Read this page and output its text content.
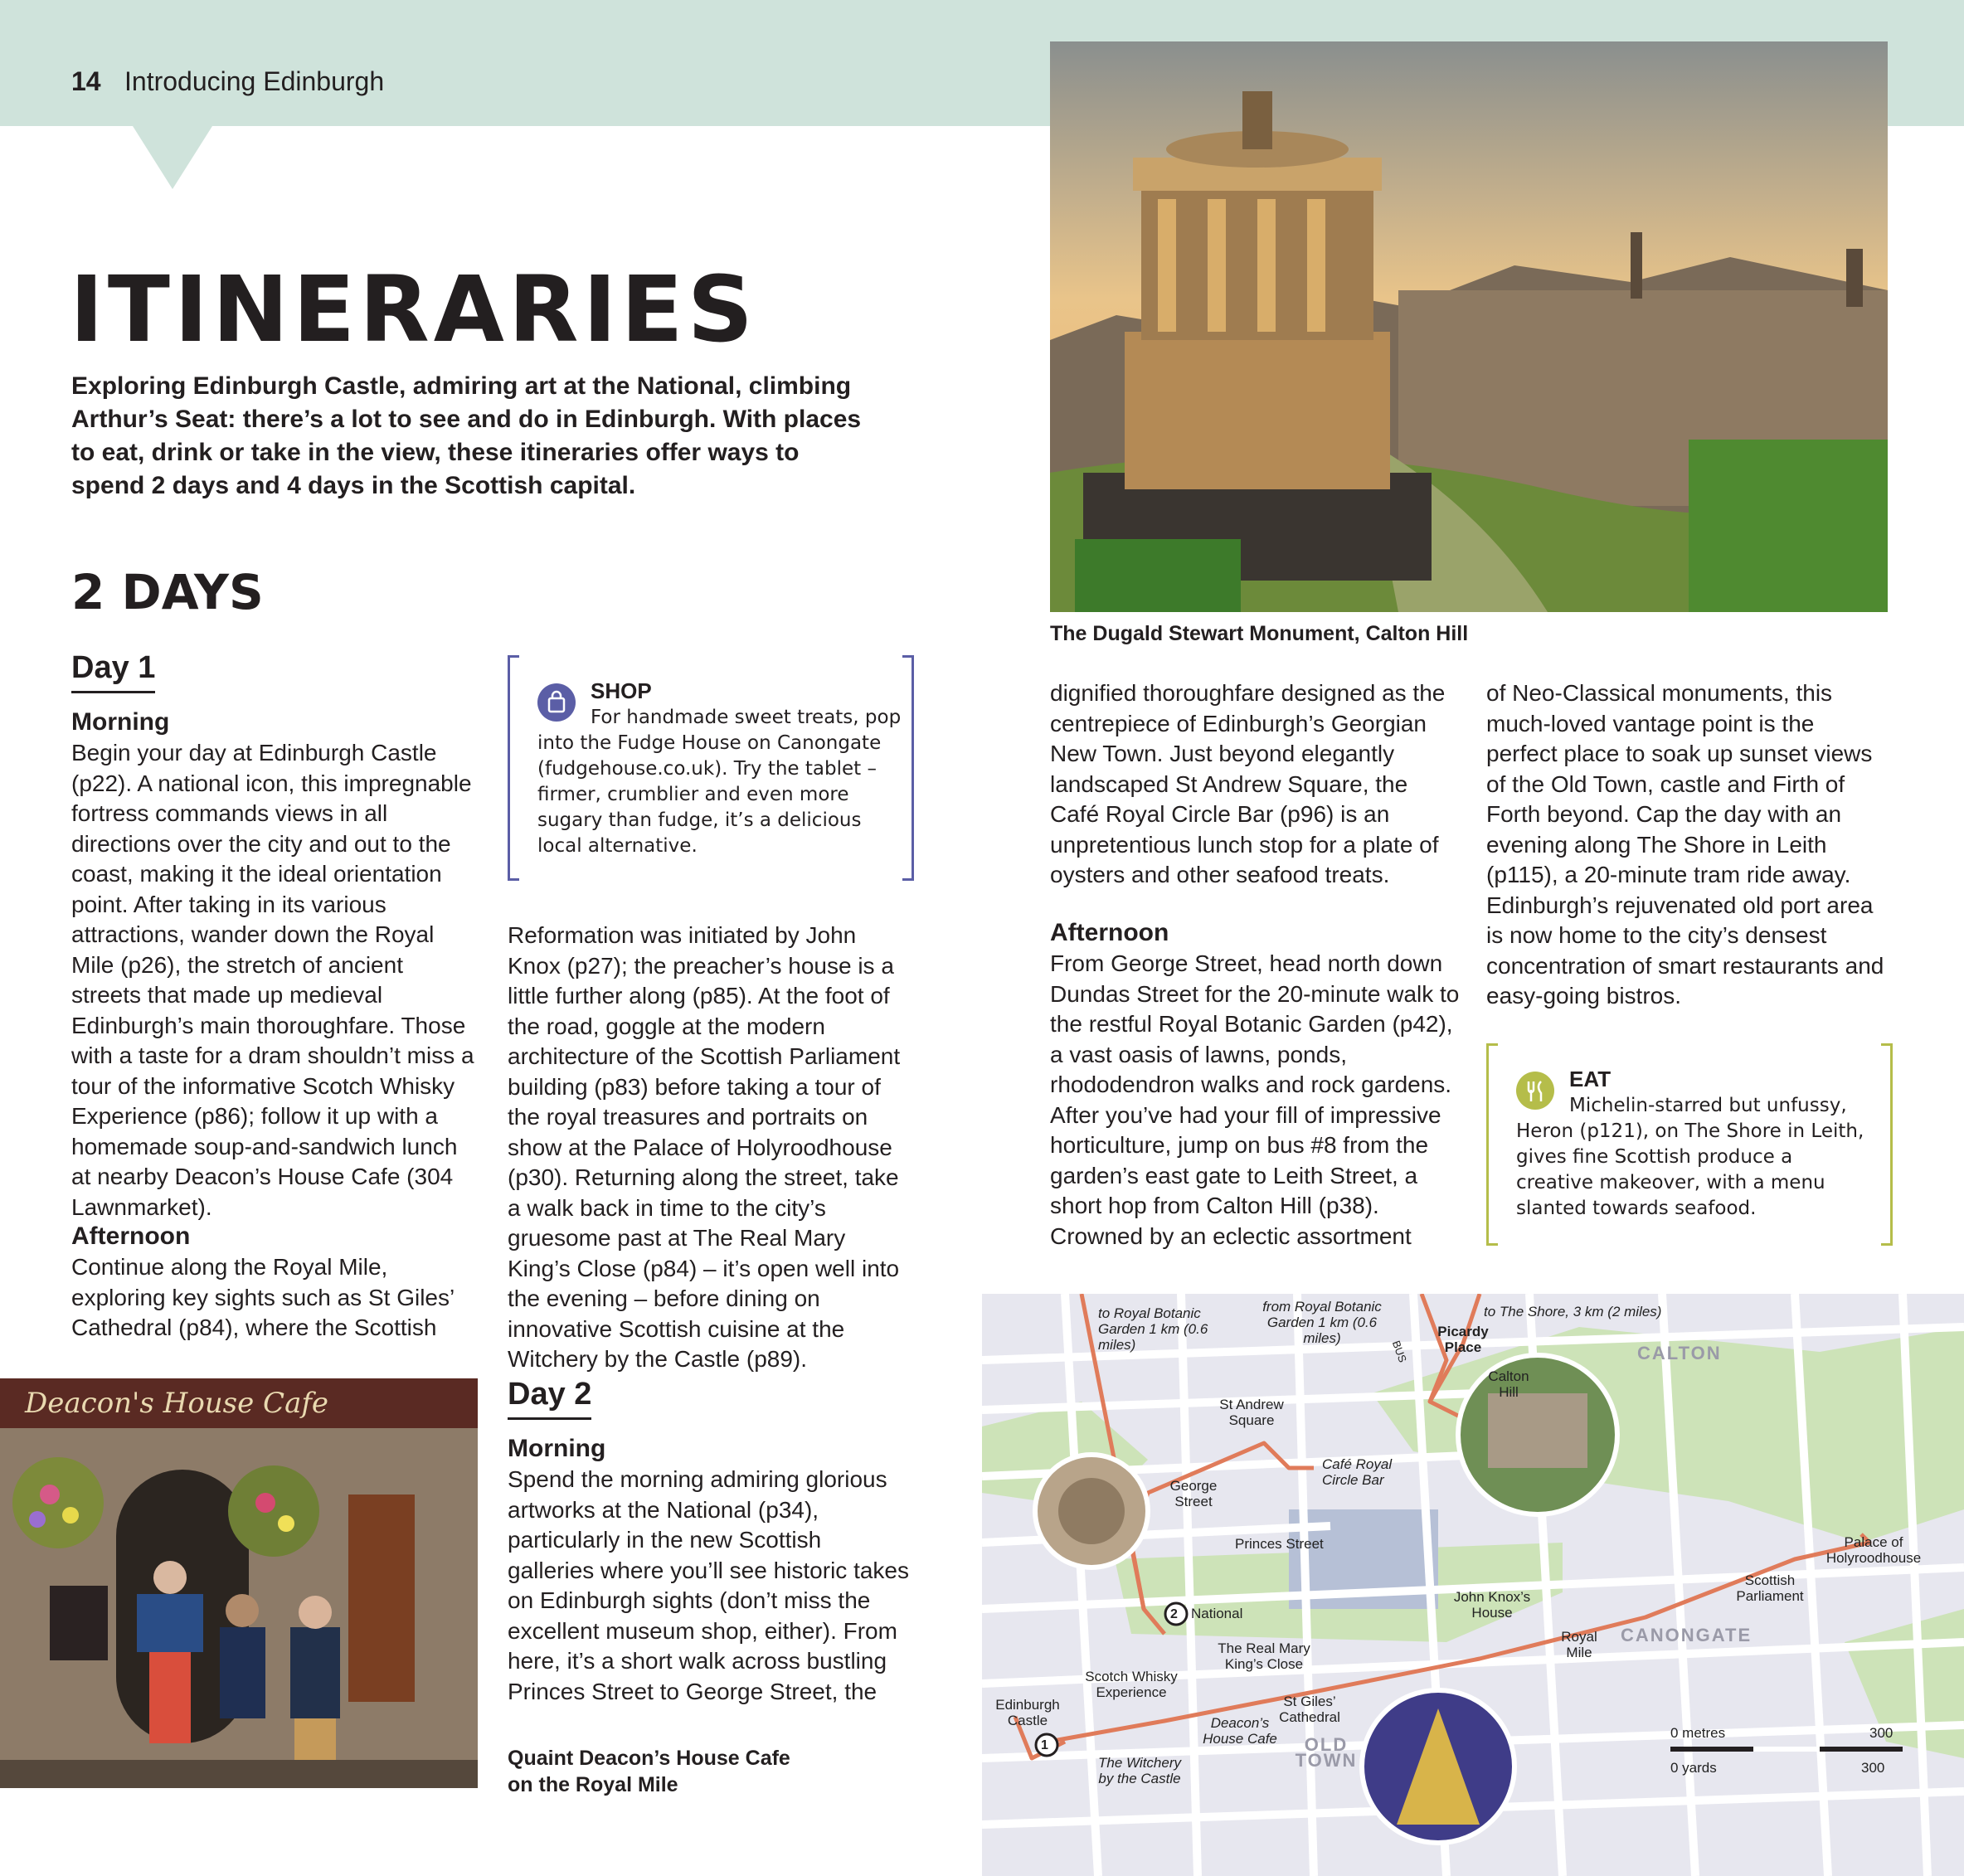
14 Introducing Edinburgh
ITINERARIES
Exploring Edinburgh Castle, admiring art at the National, climbing Arthur’s Seat: there’s a lot to see and do in Edinburgh. With places to eat, drink or take in the view, these itineraries offer ways to spend 2 days and 4 days in the Scottish capital.
2 DAYS
Day 1
Morning
Begin your day at Edinburgh Castle (p22). A national icon, this impregnable fortress commands views in all directions over the city and out to the coast, making it the ideal orientation point. After taking in its various attractions, wander down the Royal Mile (p26), the stretch of ancient streets that made up medieval Edinburgh’s main thoroughfare. Those with a taste for a dram shouldn’t miss a tour of the informative Scotch Whisky Experience (p86); follow it up with a homemade soup-and-sandwich lunch at nearby Deacon’s House Cafe (304 Lawnmarket).
Afternoon
Continue along the Royal Mile, exploring key sights such as St Giles’ Cathedral (p84), where the Scottish
SHOP
For handmade sweet treats, pop into the Fudge House on Canongate (fudgehouse.co.uk). Try the tablet – firmer, crumblier and even more sugary than fudge, it’s a delicious local alternative.
Reformation was initiated by John Knox (p27); the preacher’s house is a little further along (p85). At the foot of the road, goggle at the modern architecture of the Scottish Parliament building (p83) before taking a tour of the royal treasures and portraits on show at the Palace of Holyroodhouse (p30). Returning along the street, take a walk back in time to the city’s gruesome past at The Real Mary King’s Close (p84) – it’s open well into the evening – before dining on innovative Scottish cuisine at the Witchery by the Castle (p89).
Day 2
Morning
Spend the morning admiring glorious artworks at the National (p34), particularly in the new Scottish galleries where you’ll see historic takes on Edinburgh sights (don’t miss the excellent museum shop, either). From here, it’s a short walk across bustling Princes Street to George Street, the
Deacon's House Cafe
Quaint Deacon’s House Cafe
on the Royal Mile
The Dugald Stewart Monument, Calton Hill
dignified thoroughfare designed as the centrepiece of Edinburgh’s Georgian New Town. Just beyond elegantly landscaped St Andrew Square, the Café Royal Circle Bar (p96) is an unpretentious lunch stop for a plate of oysters and other seafood treats.
Afternoon
From George Street, head north down Dundas Street for the 20-minute walk to the restful Royal Botanic Garden (p42), a vast oasis of lawns, ponds, rhododendron walks and rock gardens. After you’ve had your fill of impressive horticulture, jump on bus #8 from the garden’s east gate to Leith Street, a short hop from Calton Hill (p38). Crowned by an eclectic assortment
of Neo-Classical monuments, this much-loved vantage point is the perfect place to soak up sunset views of the Old Town, castle and Firth of Forth beyond. Cap the day with an evening along The Shore in Leith (p115), a 20-minute tram ride away. Edinburgh’s rejuvenated old port area is now home to the city’s densest concentration of smart restaurants and easy-going bistros.
EAT
Michelin-starred but unfussy, Heron (p121), on The Shore in Leith, gives fine Scottish produce a creative makeover, with a menu slanted towards seafood.
to Royal Botanic Garden 1 km (0.6 miles)
from Royal Botanic Garden 1 km (0.6 miles)
BUS
Picardy Place
to The Shore, 3 km (2 miles)
CALTON
Calton Hill
St Andrew Square
Café Royal Circle Bar
George Street
Princes Street	Palace of Holyroodhouse
Scottish Parliament
National
John Knox’s House
CANONGATE
Royal Mile
The Real Mary King’s Close
Scotch Whisky Experience
St Giles’ Cathedral
Edinburgh Castle	Deacon’s House Cafe	OLD TOWN
The Witchery by the Castle
0 metres	300
0 yards	300
1
2
